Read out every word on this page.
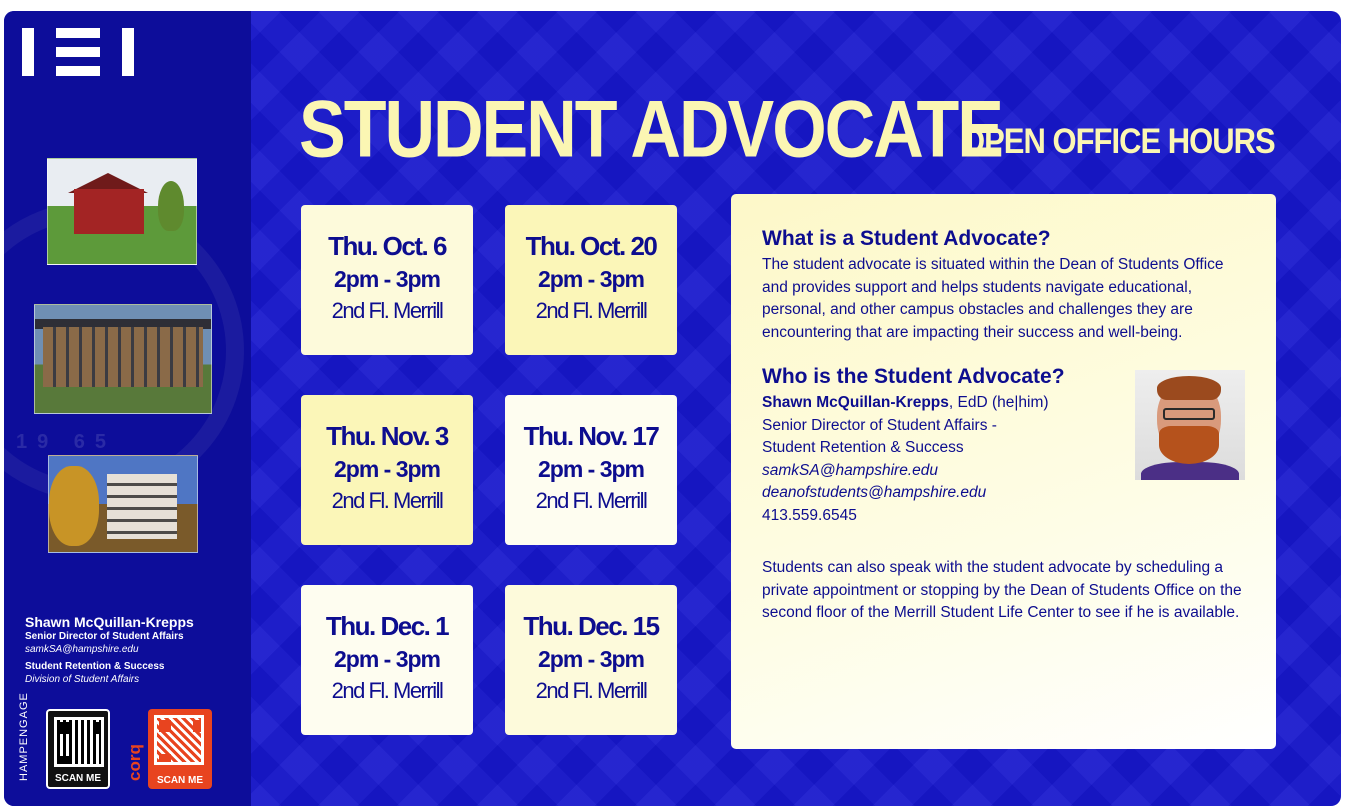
19 65
Shawn McQuillan-Krepps
Senior Director of Student Affairs
samkSA@hampshire.edu
Student Retention & Success
Division of Student Affairs
HAMPENGAGE	SCAN ME	corq	SCAN ME
STUDENT ADVOCATE
OPEN OFFICE HOURS
Thu. Oct. 6
2pm - 3pm
2nd Fl. Merrill
Thu. Oct. 20
2pm - 3pm
2nd Fl. Merrill
Thu. Nov. 3
2pm - 3pm
2nd Fl. Merrill
Thu. Nov. 17
2pm - 3pm
2nd Fl. Merrill
Thu. Dec. 1
2pm - 3pm
2nd Fl. Merrill
Thu. Dec. 15
2pm - 3pm
2nd Fl. Merrill
What is a Student Advocate?

The student advocate is situated within the Dean of Students Office and provides support and helps students navigate educational, personal, and other campus obstacles and challenges they are encountering that are impacting their success and well-being.

Who is the Student Advocate?

Shawn McQuillan-Krepps, EdD (he|him)

Senior Director of Student Affairs -

Student Retention & Success

samkSA@hampshire.edu

deanofstudents@hampshire.edu

413.559.6545

Students can also speak with the student advocate by scheduling a private appointment or stopping by the Dean of Students Office on the second floor of the Merrill Student Life Center to see if he is available.
